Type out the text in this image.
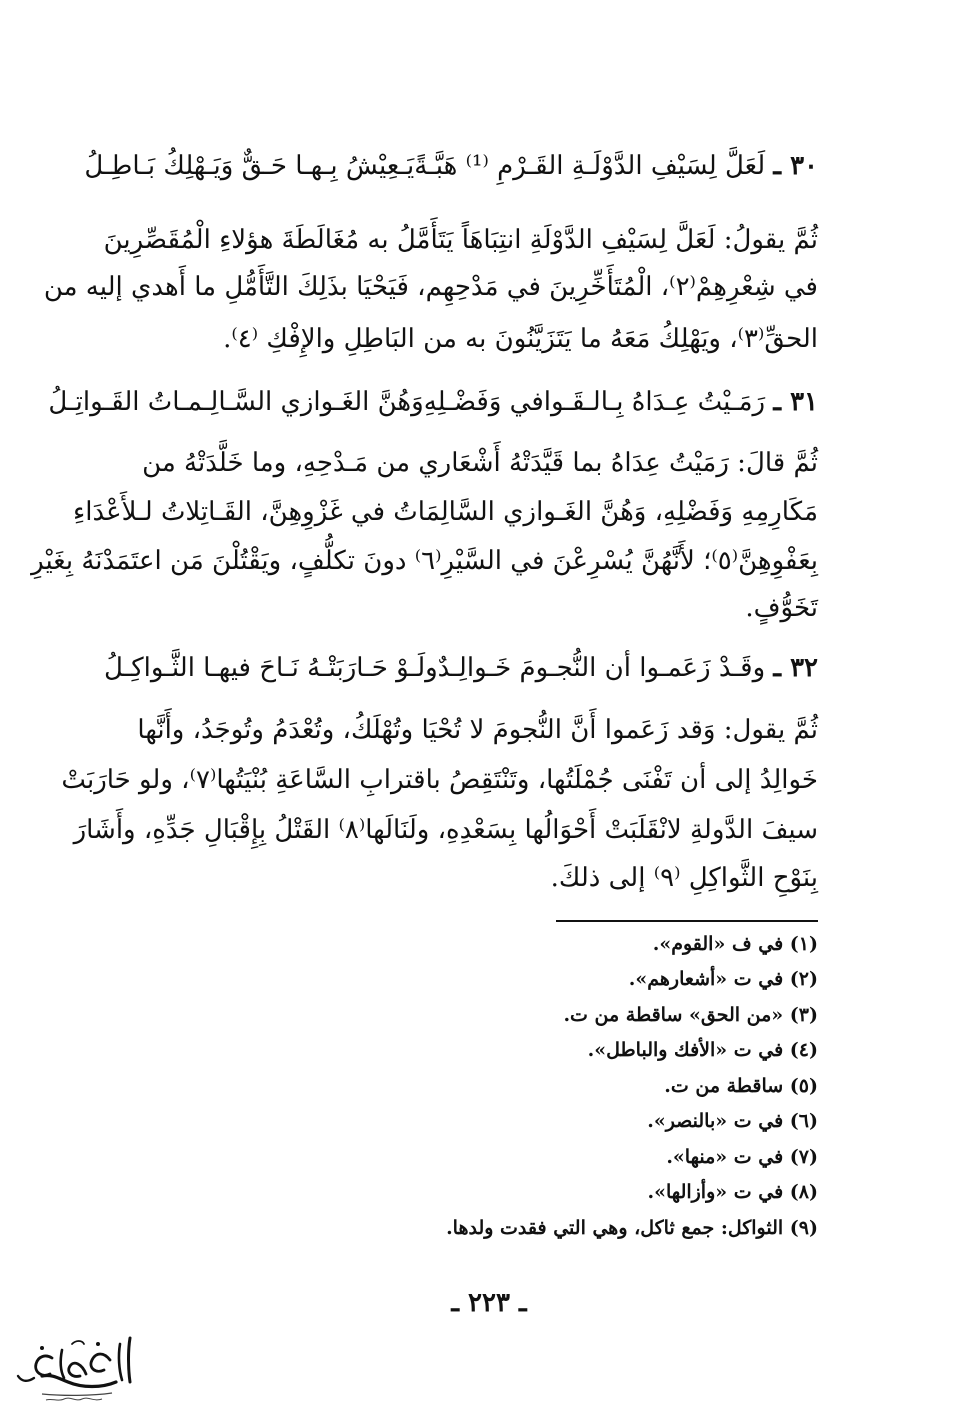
٣٠ ـ لَعَلَّ لِسَيْفِ الدَّوْلَـةِ القَـرْمِ ⁽¹⁾ هَبَّـةً
يَـعِيْشُ بِـهـا حَـقٌّ وَيَـهْلِكُ بَـاطِـلُ
ثُمَّ يقولُ: لَعَلَّ لِسَيْفِ الدَّوْلَةِ انتِبَاهَاً يَتَأَمَّلُ به مُغَالَطَةَ هؤلاءِ الْمُقَصِّرِينَ
في شِعْرِهِمْ⁽٢⁾، الْمُتَأَخِّرِينَ في مَدْحِهِم، فَيَحْيَا بذَلِكَ التَّأَمُّلِ ما أَهدي إليه من
الحقِّ⁽٣⁾، ويَهْلِكُ مَعَهُ ما يَتَزَيَّنُونَ به من البَاطِلِ والإِفْكِ ⁽٤⁾.
٣١ ـ رَمَـيْتُ عِـدَاهُ بِـالـقَـوافي وَفَضْـلِهِ
وَهُنَّ الغَـوازي السَّـالِـمـاتُ القَـواتِـلُ
ثُمَّ قالَ: رَمَيْتُ عِدَاهُ بما قَيَّدَتْهُ أَشْعَاري من مَـدْحِهِ، وما خَلَّدَتْهُ من
مَكَارِمِهِ وَفَضْلِهِ، وَهُنَّ الغَـوازي السَّالِمَاتُ في غَزْوِهِنَّ، القَـاتِلاتُ لـلأَعْدَاءِ
بِعَفْوِهِنَّ⁽٥⁾؛ لأَنَّهُنَّ يُسْرِعْنَ في السَّيْرِ⁽٦⁾ دونَ تكلُّفٍ، ويَقْتُلْنَ مَن اعتَمَدْنَهُ بِغَيْرِ
تَخَوُّفٍ.
٣٢ ـ وقَـدْ زَعَمـوا أن النُّجـومَ خَـوالِـدٌ
ولَـوْ حَـارَبَتْـهُ نَـاحَ فيهـا الثَّـواكِـلُ
ثُمَّ يقول: وَقد زَعَموا أَنَّ النُّجومَ لا تُحْيَا وتُهْلَكُ، وتُعْدَمُ وتُوجَدُ، وأَنَّها
خَوالِدُ إلى أن تَفْنَى جُمْلَتُها، وتَنْتَقِصُ باقترابِ السَّاعَةِ بُنْيَتُها⁽٧⁾، ولو حَارَبَتْ
سيفَ الدَّولةِ لانْقَلَبَتْ أَحْوَالُها بِسَعْدِهِ، ولَنَالَها⁽٨⁾ القَتْلُ بِإِقْبَالِ جَدِّهِ، وأَشَارَ
بِنَوْحِ الثَّواكِلِ ⁽٩⁾ إلى ذلكَ.
(١) في ف «القوم».
(٢) في ت «أشعارهم».
(٣) «من الحق» ساقطة من ت.
(٤) في ت «الأفك والباطل».
(٥) ساقطة من ت.
(٦) في ت «بالنصر».
(٧) في ت «منها».
(٨) في ت «وأزالها».
(٩) الثواكل: جمع ثاكل، وهي التي فقدت ولدها.
ـ ٢٢٣ ـ
